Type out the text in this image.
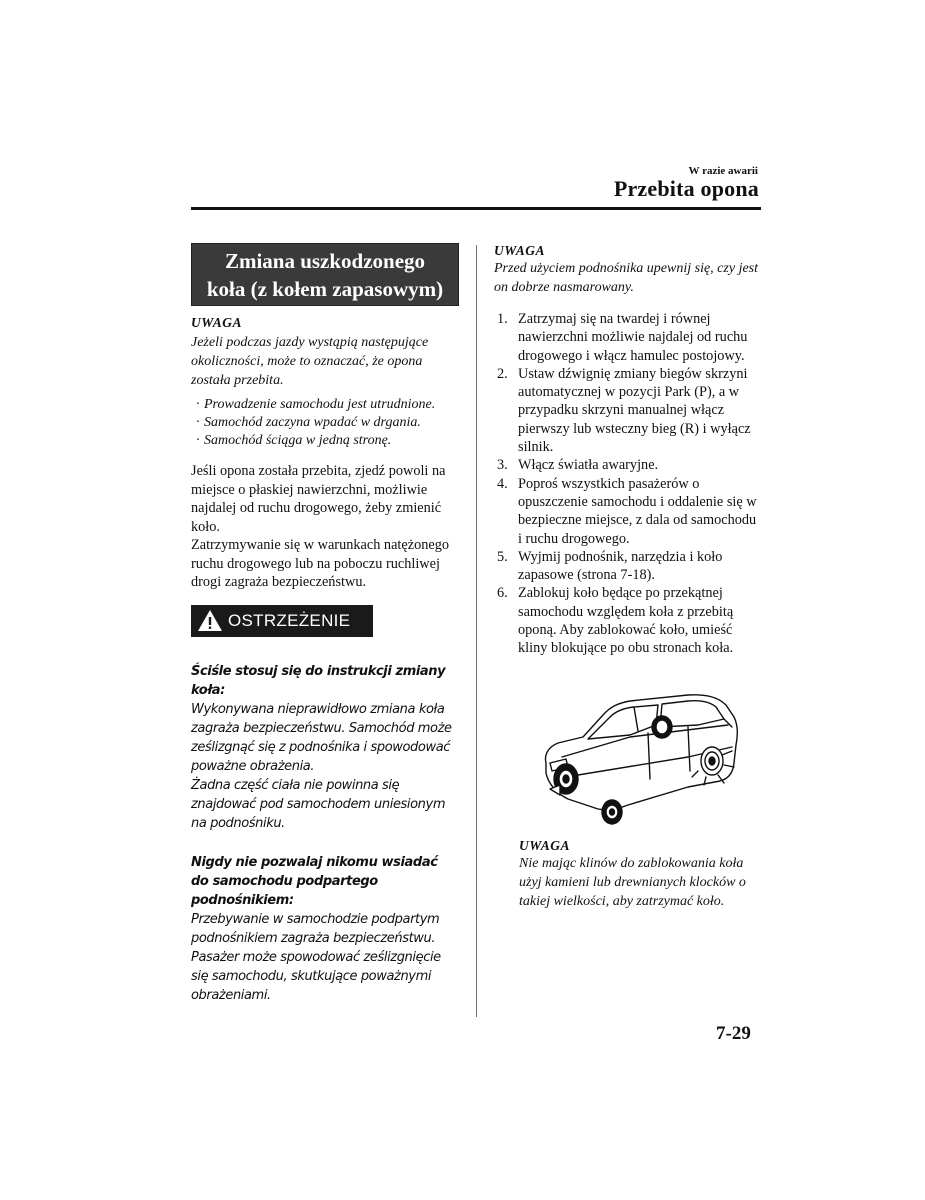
W razie awarii
Przebita opona
Zmiana uszkodzonego
koła (z kołem zapasowym)
UWAGA
Jeżeli podczas jazdy wystąpią następujące okoliczności, może to oznaczać, że opona została przebita.
· Prowadzenie samochodu jest utrudnione.
· Samochód zaczyna wpadać w drgania.
· Samochód ściąga w jedną stronę.

Jeśli opona została przebita, zjedź powoli na miejsce o płaskiej nawierzchni, możliwie najdalej od ruchu drogowego, żeby zmienić koło.

Zatrzymywanie się w warunkach natężonego ruchu drogowego lub na poboczu ruchliwej drogi zagraża bezpieczeństwu.

OSTRZEŻENIE
Ściśle stosuj się do instrukcji zmiany koła:
Wykonywana nieprawidłowo zmiana koła zagraża bezpieczeństwu. Samochód może ześlizgnąć się z podnośnika i spowodować poważne obrażenia.
Żadna część ciała nie powinna się znajdować pod samochodem uniesionym na podnośniku.
Nigdy nie pozwalaj nikomu wsiadać do samochodu podpartego podnośnikiem:
Przebywanie w samochodzie podpartym podnośnikiem zagraża bezpieczeństwu. Pasażer może spowodować ześlizgnięcie się samochodu, skutkujące poważnymi obrażeniami.
UWAGA
Przed użyciem podnośnika upewnij się, czy jest on dobrze nasmarowany.
1. Zatrzymaj się na twardej i równej nawierzchni możliwie najdalej od ruchu drogowego i włącz hamulec postojowy.
2. Ustaw dźwignię zmiany biegów skrzyni automatycznej w pozycji Park (P), a w przypadku skrzyni manualnej włącz pierwszy lub wsteczny bieg (R) i wyłącz silnik.
3. Włącz światła awaryjne.
4. Poproś wszystkich pasażerów o opuszczenie samochodu i oddalenie się w bezpieczne miejsce, z dala od samochodu i ruchu drogowego.
5. Wyjmij podnośnik, narzędzia i koło zapasowe (strona 7-18).
6. Zablokuj koło będące po przekątnej samochodu względem koła z przebitą oponą. Aby zablokować koło, umieść kliny blokujące po obu stronach koła.
UWAGA
Nie mając klinów do zablokowania koła użyj kamieni lub drewnianych klocków o takiej wielkości, aby zatrzymać koło.
7-29
